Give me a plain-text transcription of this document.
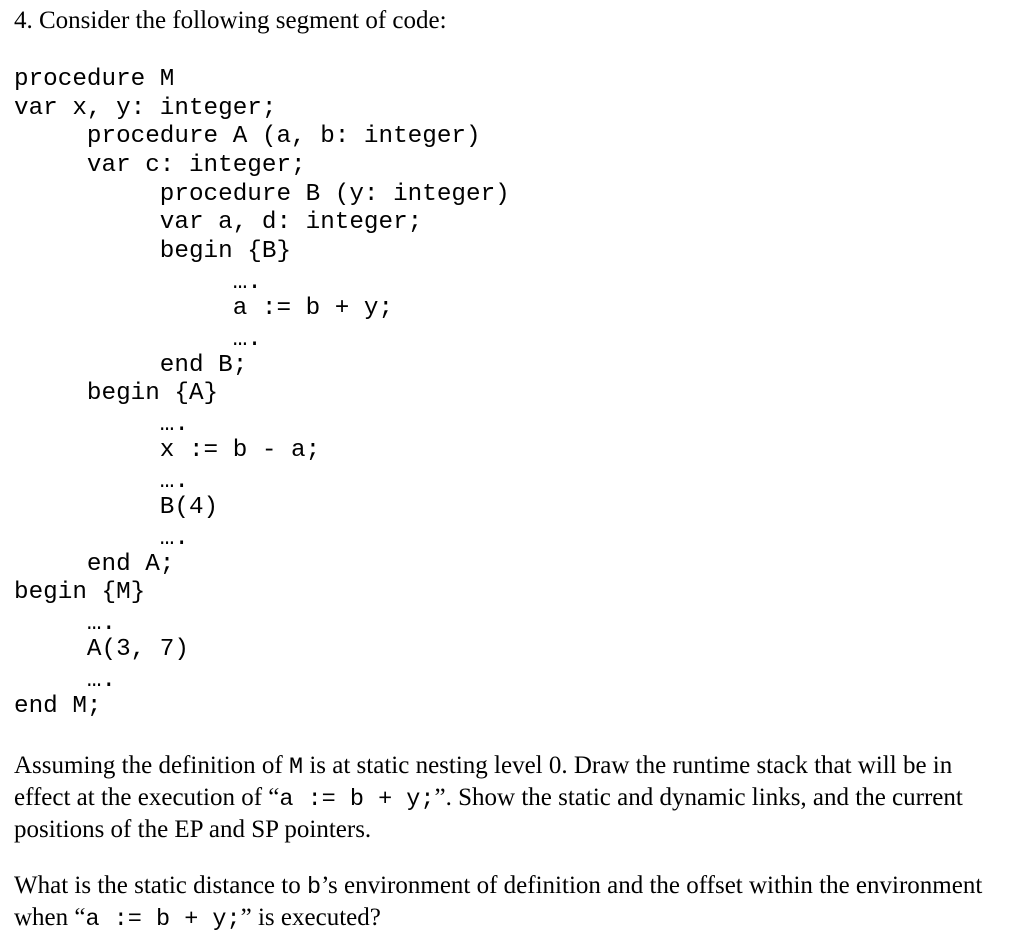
4. Consider the following segment of code:
procedure M
var x, y: integer;
procedure A (a, b: integer)
var c: integer;
procedure B (y: integer)
var a, d: integer;
begin {B}
….
a := b + y;
….
end B;
begin {A}
….
x := b - a;
….
B(4)
….
end A;
begin {M}
….
A(3, 7)
….
end M;

Assuming the definition of M is at static nesting level 0. Draw the runtime stack that will be in effect at the execution of “a := b + y;”. Show the static and dynamic links, and the current positions of the EP and SP pointers.

What is the static distance to b’s environment of definition and the offset within the environment when “a := b + y;” is executed?
